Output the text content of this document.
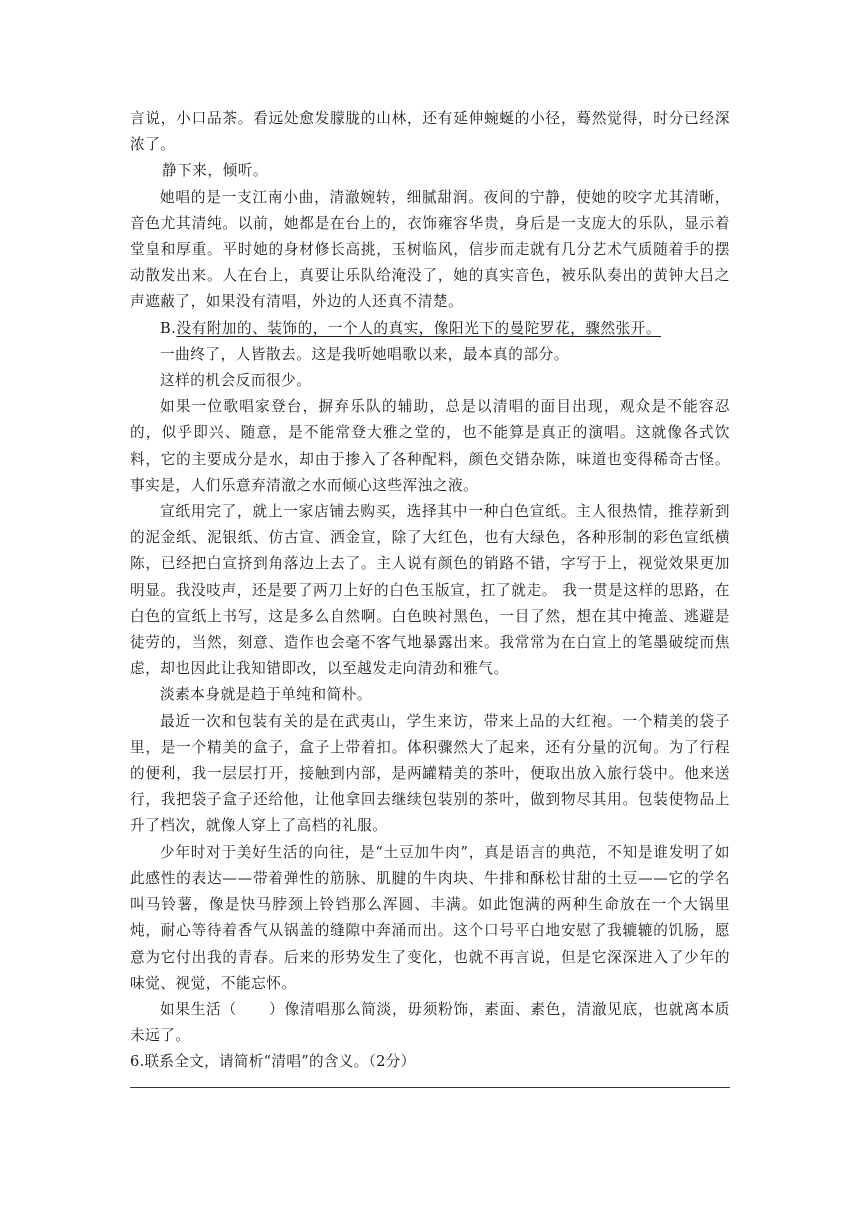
言说，小口品茶。看远处愈发朦胧的山林，还有延伸蜿蜒的小径，蓦然觉得，时分已经深浓了。

静下来，倾听。

她唱的是一支江南小曲，清澈婉转，细腻甜润。夜间的宁静，使她的咬字尤其清晰，音色尤其清纯。以前，她都是在台上的，衣饰雍容华贵，身后是一支庞大的乐队，显示着堂皇和厚重。平时她的身材修长高挑，玉树临风，信步而走就有几分艺术气质随着手的摆动散发出来。人在台上，真要让乐队给淹没了，她的真实音色，被乐队奏出的黄钟大吕之声遮蔽了，如果没有清唱，外边的人还真不清楚。

B.没有附加的、装饰的，一个人的真实，像阳光下的曼陀罗花，骤然张开。

一曲终了，人皆散去。这是我听她唱歌以来，最本真的部分。

这样的机会反而很少。

如果一位歌唱家登台，摒弃乐队的辅助，总是以清唱的面目出现，观众是不能容忍的，似乎即兴、随意，是不能常登大雅之堂的，也不能算是真正的演唱。这就像各式饮料，它的主要成分是水，却由于掺入了各种配料，颜色交错杂陈，味道也变得稀奇古怪。事实是，人们乐意弃清澈之水而倾心这些浑浊之液。

宣纸用完了，就上一家店铺去购买，选择其中一种白色宣纸。主人很热情，推荐新到的泥金纸、泥银纸、仿古宣、洒金宣，除了大红色，也有大绿色，各种形制的彩色宣纸横陈，已经把白宣挤到角落边上去了。主人说有颜色的销路不错，字写于上，视觉效果更加明显。我没吱声，还是要了两刀上好的白色玉版宣，扛了就走。 我一贯是这样的思路，在白色的宣纸上书写，这是多么自然啊。白色映衬黑色，一目了然，想在其中掩盖、逃避是徒劳的，当然，刻意、造作也会毫不客气地暴露出来。我常常为在白宣上的笔墨破绽而焦虑，却也因此让我知错即改，以至越发走向清劲和雅气。

淡素本身就是趋于单纯和简朴。

最近一次和包装有关的是在武夷山，学生来访，带来上品的大红袍。一个精美的袋子里，是一个精美的盒子，盒子上带着扣。体积骤然大了起来，还有分量的沉甸。为了行程的便利，我一层层打开，接触到内部，是两罐精美的茶叶，便取出放入旅行袋中。他来送行，我把袋子盒子还给他，让他拿回去继续包装别的茶叶，做到物尽其用。包装使物品上升了档次，就像人穿上了高档的礼服。

少年时对于美好生活的向往，是“土豆加牛肉”，真是语言的典范，不知是谁发明了如此感性的表达——带着弹性的筋脉、肌腱的牛肉块、牛排和酥松甘甜的土豆——它的学名叫马铃薯，像是快马脖颈上铃铛那么浑圆、丰满。如此饱满的两种生命放在一个大锅里炖，耐心等待着香气从锅盖的缝隙中奔涌而出。这个口号平白地安慰了我辘辘的饥肠，愿意为它付出我的青春。后来的形势发生了变化，也就不再言说，但是它深深进入了少年的味觉、视觉，不能忘怀。

如果生活（ ）像清唱那么简淡，毋须粉饰，素面、素色，清澈见底，也就离本质未远了。

6.联系全文，请简析“清唱”的含义。（2分）
